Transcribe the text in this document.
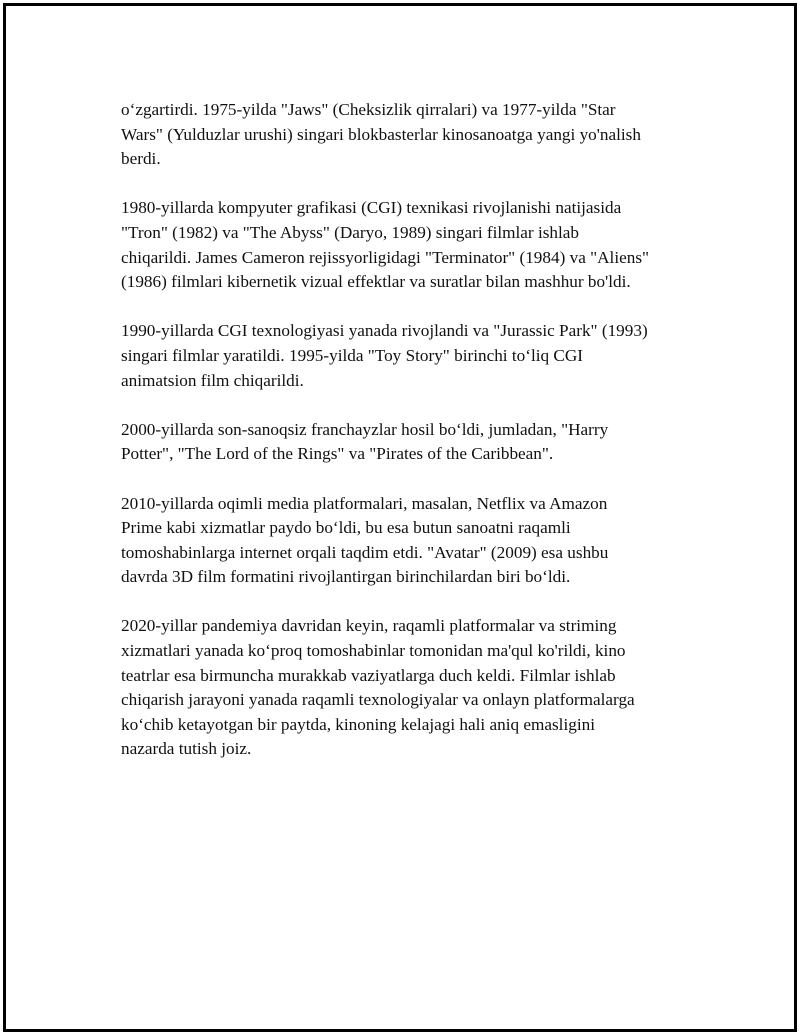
o‘zgartirdi. 1975-yilda "Jaws" (Cheksizlik qirralari) va 1977-yilda "Star
Wars" (Yulduzlar urushi) singari blokbasterlar kinosanoatga yangi yo'nalish
berdi.

1980-yillarda kompyuter grafikasi (CGI) texnikasi rivojlanishi natijasida
"Tron" (1982) va "The Abyss" (Daryo, 1989) singari filmlar ishlab
chiqarildi. James Cameron rejissyorligidagi "Terminator" (1984) va "Aliens"
(1986) filmlari kibernetik vizual effektlar va suratlar bilan mashhur bo'ldi.

1990-yillarda CGI texnologiyasi yanada rivojlandi va "Jurassic Park" (1993)
singari filmlar yaratildi. 1995-yilda "Toy Story" birinchi to‘liq CGI
animatsion film chiqarildi.

2000-yillarda son-sanoqsiz franchayzlar hosil bo‘ldi, jumladan, "Harry
Potter", "The Lord of the Rings" va "Pirates of the Caribbean".

2010-yillarda oqimli media platformalari, masalan, Netflix va Amazon
Prime kabi xizmatlar paydo bo‘ldi, bu esa butun sanoatni raqamli
tomoshabinlarga internet orqali taqdim etdi. "Avatar" (2009) esa ushbu
davrda 3D film formatini rivojlantirgan birinchilardan biri bo‘ldi.

2020-yillar pandemiya davridan keyin, raqamli platformalar va striming
xizmatlari yanada ko‘proq tomoshabinlar tomonidan ma'qul ko'rildi, kino
teatrlar esa birmuncha murakkab vaziyatlarga duch keldi. Filmlar ishlab
chiqarish jarayoni yanada raqamli texnologiyalar va onlayn platformalarga
ko‘chib ketayotgan bir paytda, kinoning kelajagi hali aniq emasligini
nazarda tutish joiz.
